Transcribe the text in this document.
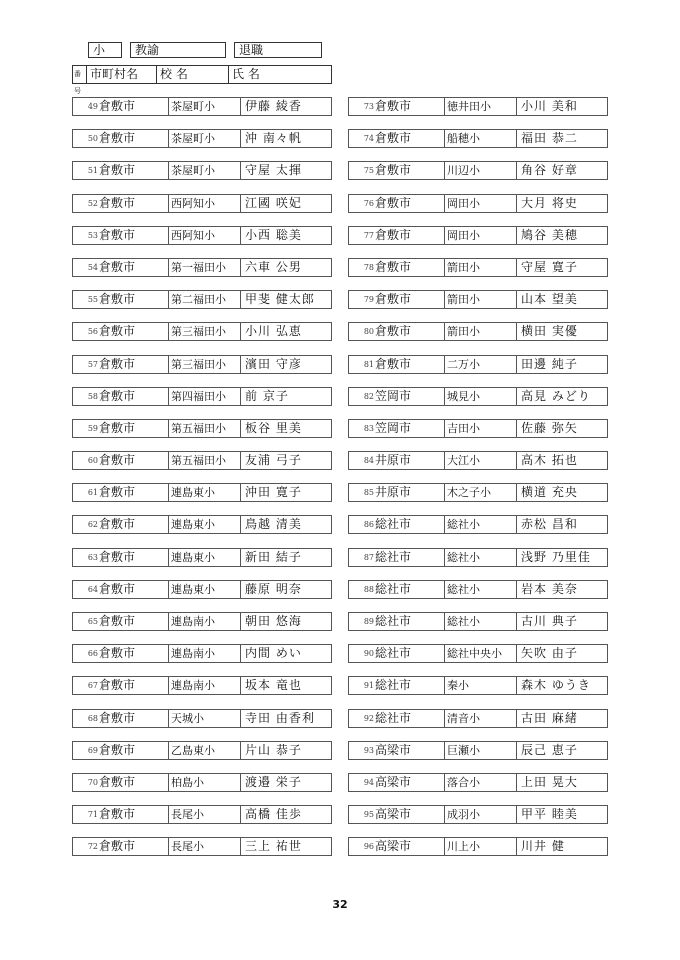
小	教諭	退職
番号
市町村名	校 名	氏 名
49 倉敷市	茶屋町小	伊藤 綾香
50 倉敷市	茶屋町小	沖 南々帆
51 倉敷市	茶屋町小	守屋 太揮
52 倉敷市	西阿知小	江國 咲妃
53 倉敷市	西阿知小	小西 聡美
54 倉敷市	第一福田小	六車 公男
55 倉敷市	第二福田小	甲斐 健太郎
56 倉敷市	第三福田小	小川 弘恵
57 倉敷市	第三福田小	濱田 守彦
58 倉敷市	第四福田小	前 京子
59 倉敷市	第五福田小	板谷 里美
60 倉敷市	第五福田小	友浦 弓子
61 倉敷市	連島東小	沖田 寛子
62 倉敷市	連島東小	鳥越 清美
63 倉敷市	連島東小	新田 結子
64 倉敷市	連島東小	藤原 明奈
65 倉敷市	連島南小	朝田 悠海
66 倉敷市	連島南小	内間 めい
67 倉敷市	連島南小	坂本 竜也
68 倉敷市	天城小	寺田 由香利
69 倉敷市	乙島東小	片山 恭子
70 倉敷市	柏島小	渡邉 栄子
71 倉敷市	長尾小	高橋 佳歩
72 倉敷市	長尾小	三上 祐世
73 倉敷市	徳井田小	小川 美和
74 倉敷市	船穂小	福田 恭二
75 倉敷市	川辺小	角谷 好章
76 倉敷市	岡田小	大月 将史
77 倉敷市	岡田小	鳩谷 美穂
78 倉敷市	箭田小	守屋 寛子
79 倉敷市	箭田小	山本 望美
80 倉敷市	箭田小	横田 実優
81 倉敷市	二万小	田邊 純子
82 笠岡市	城見小	高見 みどり
83 笠岡市	吉田小	佐藤 弥矢
84 井原市	大江小	高木 拓也
85 井原市	木之子小	横道 充央
86 総社市	総社小	赤松 昌和
87 総社市	総社小	浅野 乃里佳
88 総社市	総社小	岩本 美奈
89 総社市	総社小	古川 典子
90 総社市	総社中央小	矢吹 由子
91 総社市	秦小	森木 ゆうき
92 総社市	清音小	古田 麻緒
93 高梁市	巨瀬小	辰己 恵子
94 高梁市	落合小	上田 晃大
95 高梁市	成羽小	甲平 睦美
96 高梁市	川上小	川井 健
32
